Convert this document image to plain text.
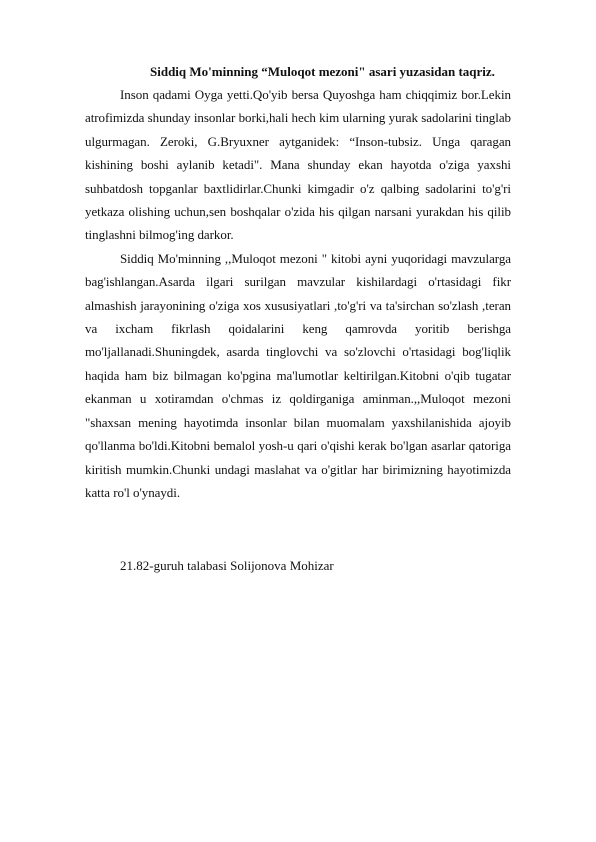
Siddiq Mo'minning “Muloqot mezoni" asari yuzasidan taqriz.

Inson qadami Oyga yetti.Qo'yib bersa Quyoshga ham chiqqimiz bor.Lekin atrofimizda shunday insonlar borki,hali hech kim ularning yurak sadolarini tinglab ulgurmagan. Zeroki, G.Bryuxner aytganidek: “Inson-tubsiz. Unga qaragan kishining boshi aylanib ketadi". Mana shunday ekan hayotda o'ziga yaxshi suhbatdosh topganlar baxtlidirlar.Chunki kimgadir o'z qalbing sadolarini to'g'ri yetkaza olishing uchun,sen boshqalar o'zida his qilgan narsani yurakdan his qilib tinglashni bilmog'ing darkor.

Siddiq Mo'minning ,,Muloqot mezoni " kitobi ayni yuqoridagi mavzularga bag'ishlangan.Asarda ilgari surilgan mavzular kishilardagi o'rtasidagi fikr almashish jarayonining o'ziga xos xususiyatlari ,to'g'ri va ta'sirchan so'zlash ,teran va ixcham fikrlash qoidalarini keng qamrovda yoritib berishga mo'ljallanadi.Shuningdek, asarda tinglovchi va so'zlovchi o'rtasidagi bog'liqlik haqida ham biz bilmagan ko'pgina ma'lumotlar keltirilgan.Kitobni o'qib tugatar ekanman u xotiramdan o'chmas iz qoldirganiga aminman.,,Muloqot mezoni "shaxsan mening hayotimda insonlar bilan muomalam yaxshilanishida ajoyib qo'llanma bo'ldi.Kitobni bemalol yosh-u qari o'qishi kerak bo'lgan asarlar qatoriga kiritish mumkin.Chunki undagi maslahat va o'gitlar har birimizning hayotimizda katta ro'l o'ynaydi.

21.82-guruh talabasi Solijonova Mohizar
